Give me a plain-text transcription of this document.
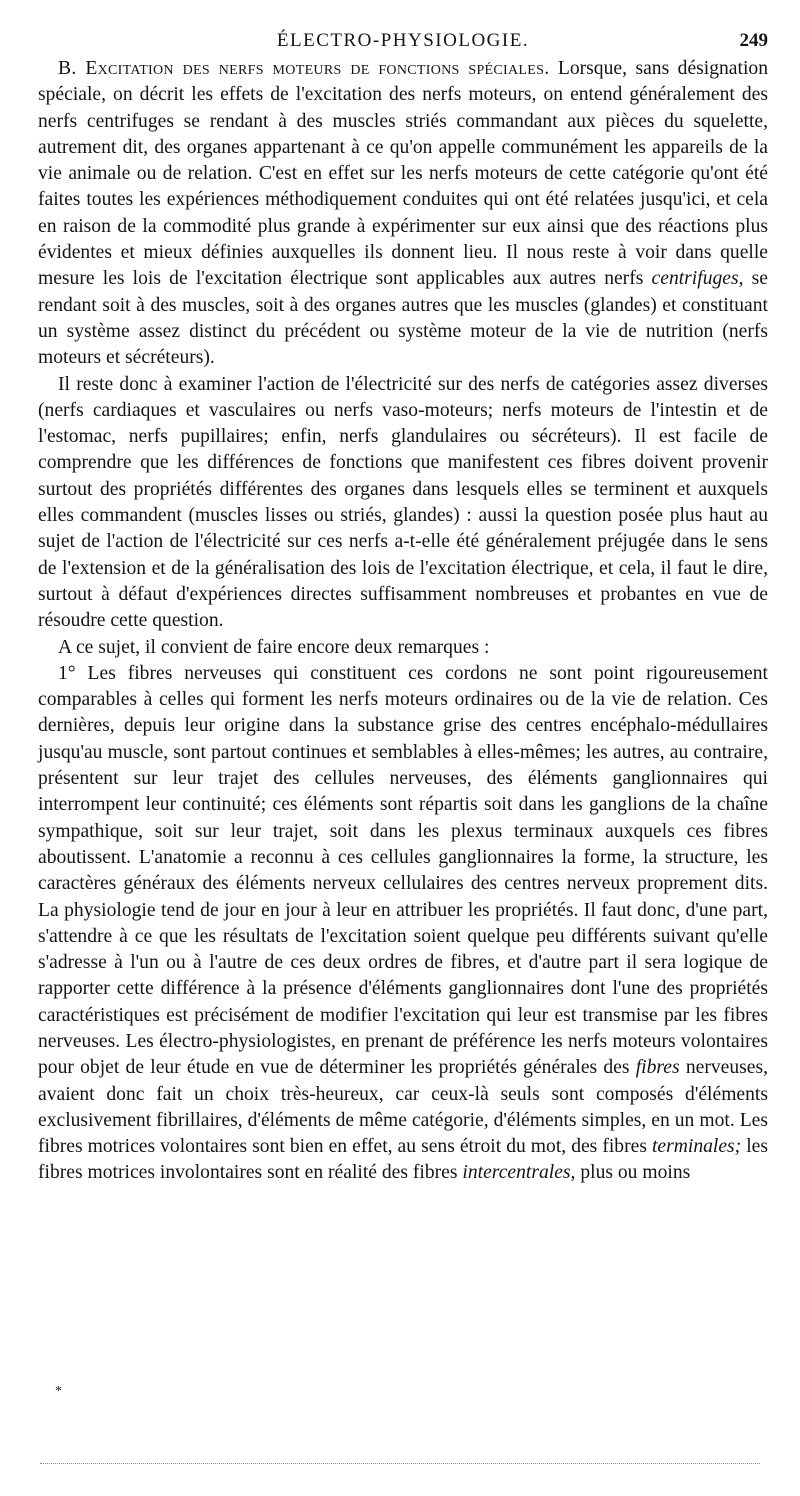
ÉLECTRO-PHYSIOLOGIE.	249

B. Excitation des nerfs moteurs de fonctions spéciales. Lorsque, sans désignation spéciale, on décrit les effets de l'excitation des nerfs moteurs, on entend généralement des nerfs centrifuges se rendant à des muscles striés commandant aux pièces du squelette, autrement dit, des organes appartenant à ce qu'on appelle communément les appareils de la vie animale ou de relation. C'est en effet sur les nerfs moteurs de cette catégorie qu'ont été faites toutes les expériences méthodiquement conduites qui ont été relatées jusqu'ici, et cela en raison de la commodité plus grande à expérimenter sur eux ainsi que des réactions plus évidentes et mieux définies auxquelles ils donnent lieu. Il nous reste à voir dans quelle mesure les lois de l'excitation électrique sont applicables aux autres nerfs centrifuges, se rendant soit à des muscles, soit à des organes autres que les muscles (glandes) et constituant un système assez distinct du précédent ou système moteur de la vie de nutrition (nerfs moteurs et sécréteurs).

Il reste donc à examiner l'action de l'électricité sur des nerfs de catégories assez diverses (nerfs cardiaques et vasculaires ou nerfs vaso-moteurs; nerfs moteurs de l'intestin et de l'estomac, nerfs pupillaires; enfin, nerfs glandulaires ou sécréteurs). Il est facile de comprendre que les différences de fonctions que manifestent ces fibres doivent provenir surtout des propriétés différentes des organes dans lesquels elles se terminent et auxquels elles commandent (muscles lisses ou striés, glandes) : aussi la question posée plus haut au sujet de l'action de l'électricité sur ces nerfs a-t-elle été généralement préjugée dans le sens de l'extension et de la généralisation des lois de l'excitation électrique, et cela, il faut le dire, surtout à défaut d'expériences directes suffisamment nombreuses et probantes en vue de résoudre cette question.

A ce sujet, il convient de faire encore deux remarques :

1° Les fibres nerveuses qui constituent ces cordons ne sont point rigoureusement comparables à celles qui forment les nerfs moteurs ordinaires ou de la vie de relation. Ces dernières, depuis leur origine dans la substance grise des centres encéphalo-médullaires jusqu'au muscle, sont partout continues et semblables à elles-mêmes; les autres, au contraire, présentent sur leur trajet des cellules nerveuses, des éléments ganglionnaires qui interrompent leur continuité; ces éléments sont répartis soit dans les ganglions de la chaîne sympathique, soit sur leur trajet, soit dans les plexus terminaux auxquels ces fibres aboutissent. L'anatomie a reconnu à ces cellules ganglionnaires la forme, la structure, les caractères généraux des éléments nerveux cellulaires des centres nerveux proprement dits. La physiologie tend de jour en jour à leur en attribuer les propriétés. Il faut donc, d'une part, s'attendre à ce que les résultats de l'excitation soient quelque peu différents suivant qu'elle s'adresse à l'un ou à l'autre de ces deux ordres de fibres, et d'autre part il sera logique de rapporter cette différence à la présence d'éléments ganglionnaires dont l'une des propriétés caractéristiques est précisément de modifier l'excitation qui leur est transmise par les fibres nerveuses. Les électro-physiologistes, en prenant de préférence les nerfs moteurs volontaires pour objet de leur étude en vue de déterminer les propriétés générales des fibres nerveuses, avaient donc fait un choix très-heureux, car ceux-là seuls sont composés d'éléments exclusivement fibrillaires, d'éléments de même catégorie, d'éléments simples, en un mot. Les fibres motrices volontaires sont bien en effet, au sens étroit du mot, des fibres terminales; les fibres motrices involontaires sont en réalité des fibres intercentrales, plus ou moins

*
